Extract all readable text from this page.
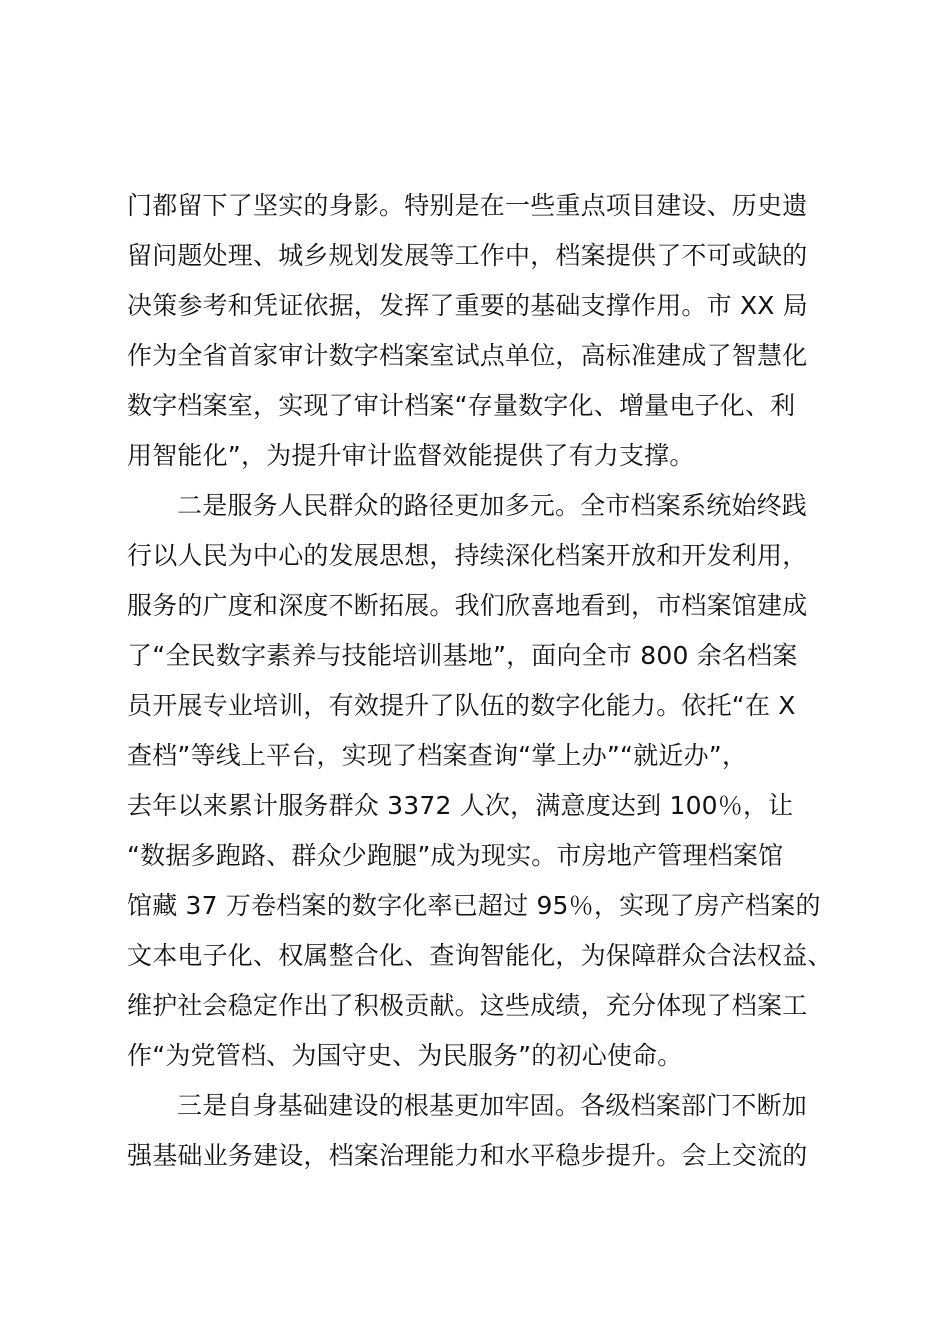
门都留下了坚实的身影。特别是在一些重点项目建设、历史遗
留问题处理、城乡规划发展等工作中，档案提供了不可或缺的
决策参考和凭证依据，发挥了重要的基础支撑作用。市 XX 局
作为全省首家审计数字档案室试点单位，高标准建成了智慧化
数字档案室，实现了审计档案“存量数字化、增量电子化、利
用智能化”，为提升审计监督效能提供了有力支撑。
二是服务人民群众的路径更加多元。全市档案系统始终践
行以人民为中心的发展思想，持续深化档案开放和开发利用，
服务的广度和深度不断拓展。我们欣喜地看到，市档案馆建成
了“全民数字素养与技能培训基地”，面向全市 800 余名档案
员开展专业培训，有效提升了队伍的数字化能力。依托“在 X
查档”等线上平台，实现了档案查询“掌上办”“就近办”，
去年以来累计服务群众 3372 人次，满意度达到 100％，让
“数据多跑路、群众少跑腿”成为现实。市房地产管理档案馆
馆藏 37 万卷档案的数字化率已超过 95％，实现了房产档案的
文本电子化、权属整合化、查询智能化，为保障群众合法权益、
维护社会稳定作出了积极贡献。这些成绩，充分体现了档案工
作“为党管档、为国守史、为民服务”的初心使命。
三是自身基础建设的根基更加牢固。各级档案部门不断加
强基础业务建设，档案治理能力和水平稳步提升。会上交流的
